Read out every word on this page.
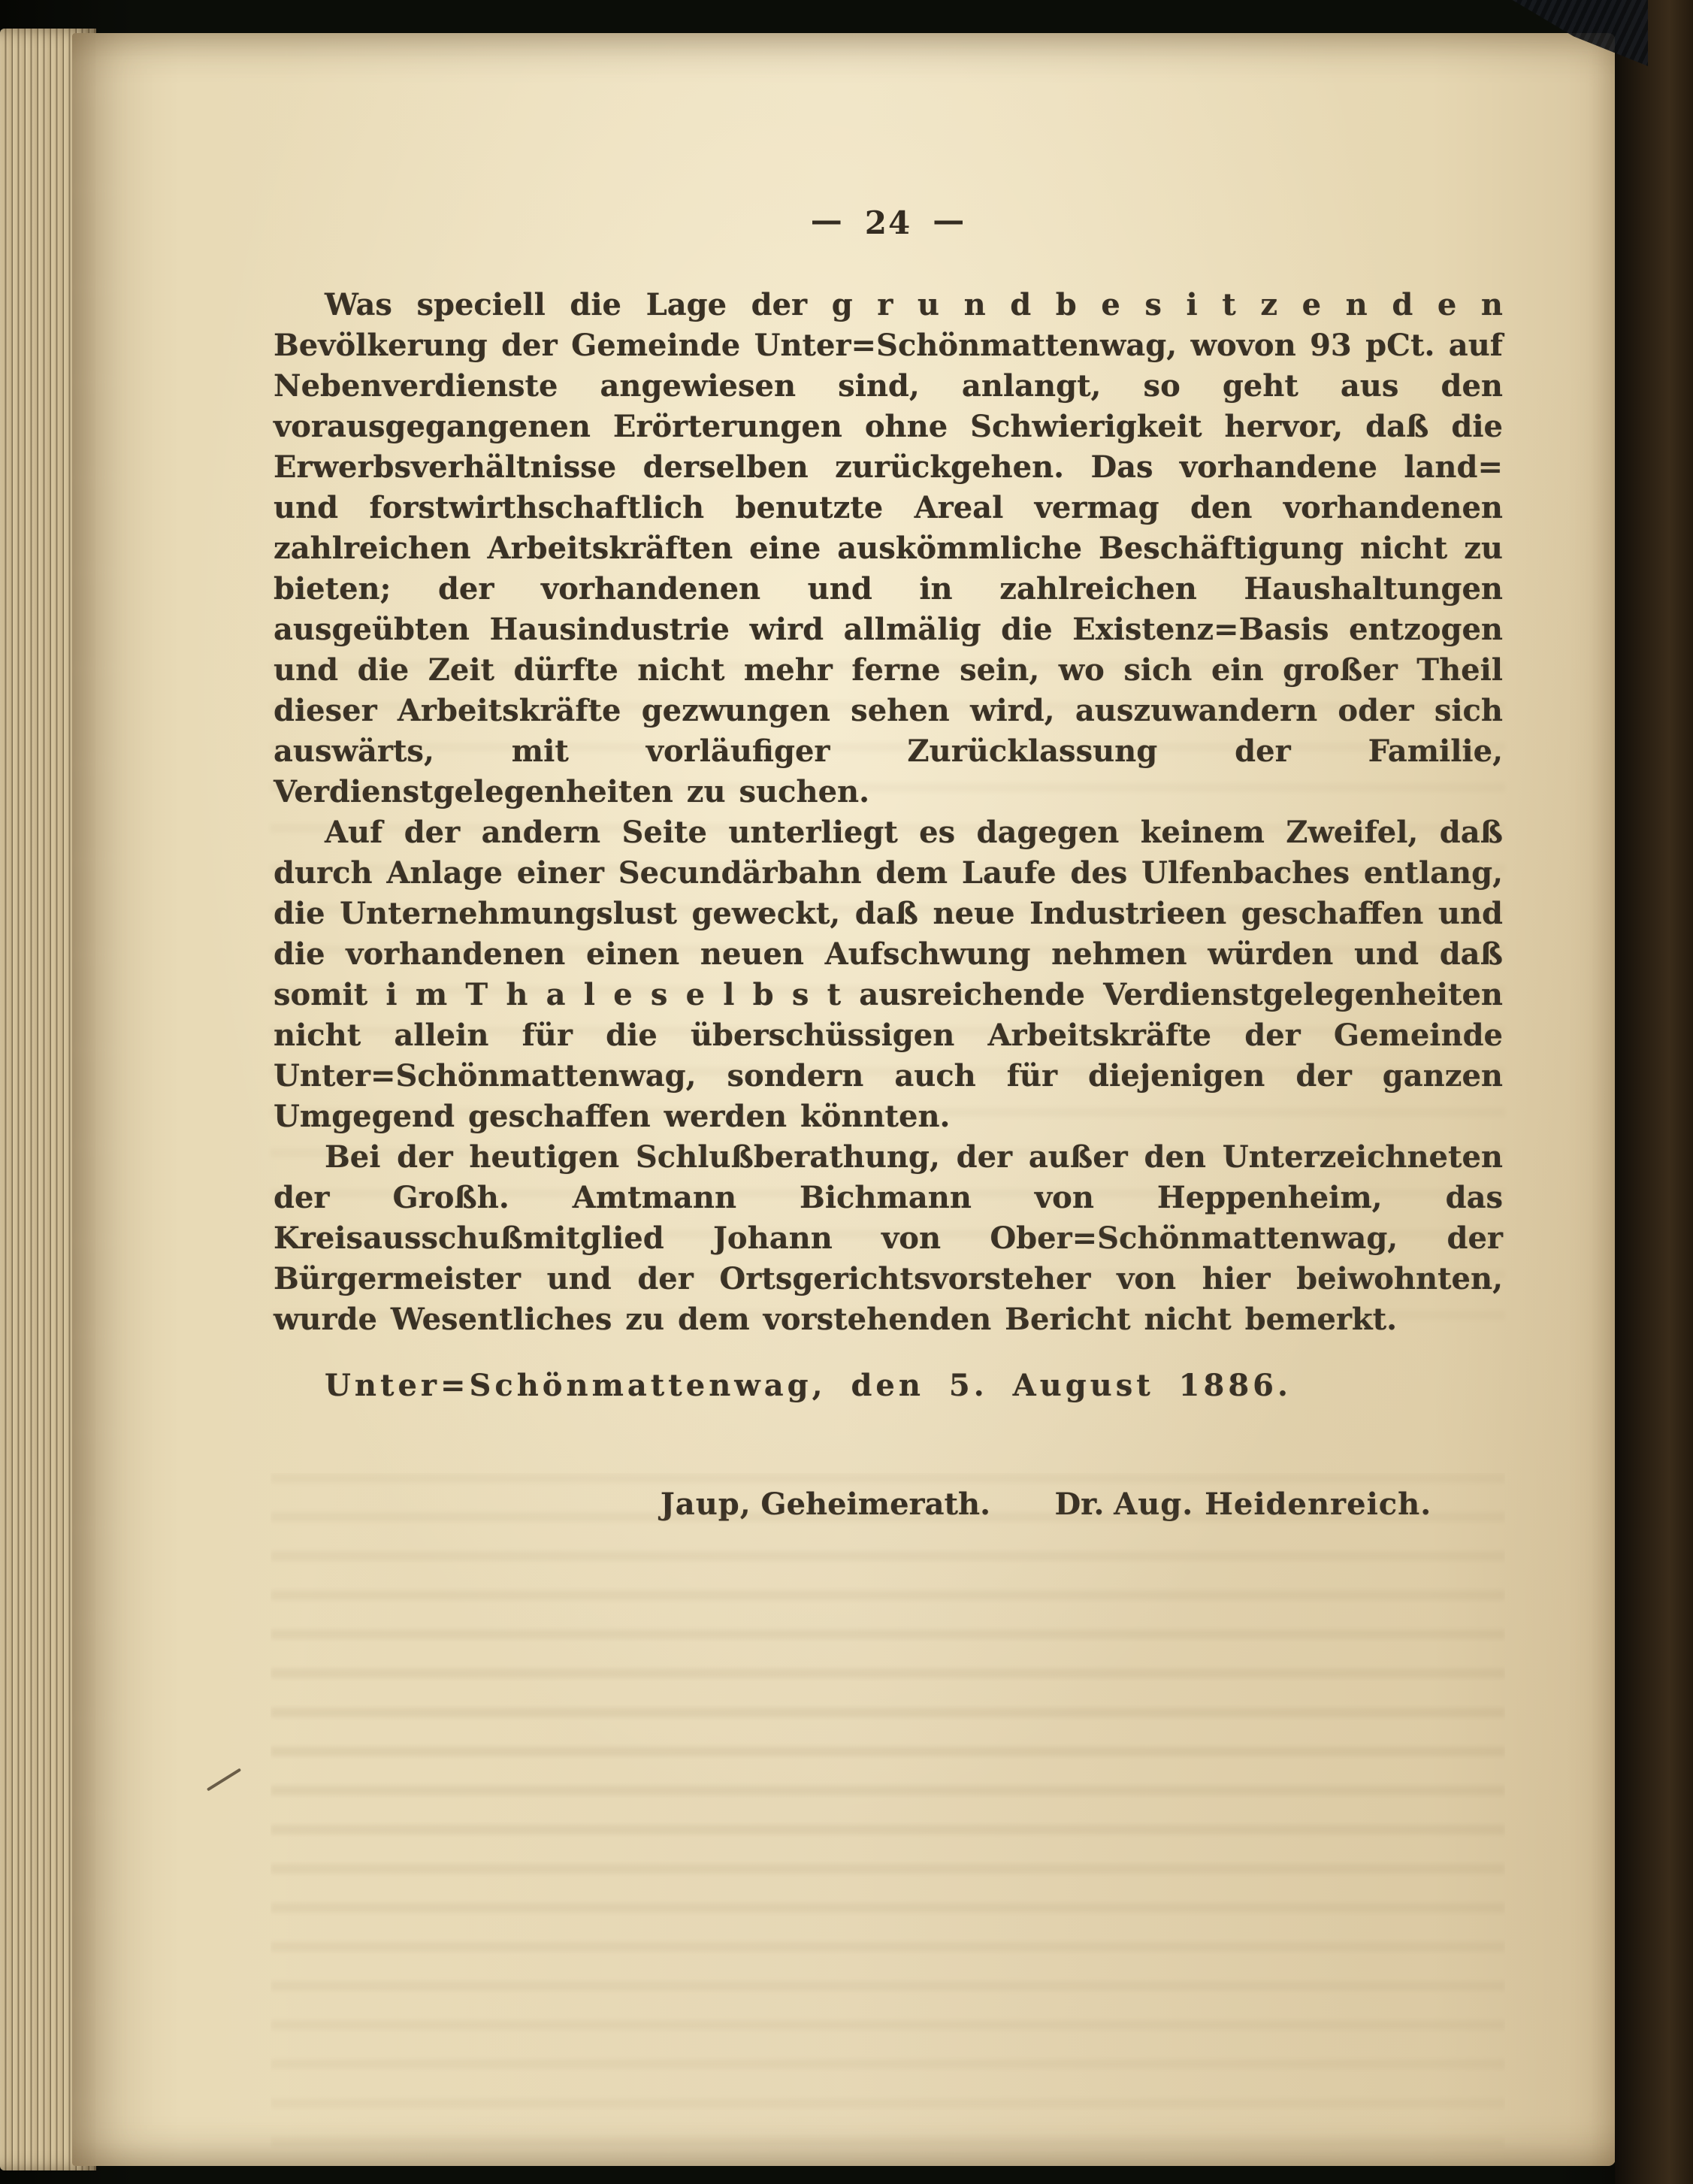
— 24 —

Was speciell die Lage der g r u n d b e s i t z e n d e n Bevölkerung der Gemeinde Unter=Schönmattenwag, wovon 93 pCt. auf Nebenverdienste angewiesen sind, anlangt, so geht aus den vorausgegangenen Erörterungen ohne Schwierigkeit hervor, daß die Erwerbsverhältnisse derselben zurückgehen. Das vorhandene land= und forstwirthschaftlich benutzte Areal vermag den vorhandenen zahlreichen Arbeitskräften eine auskömmliche Beschäftigung nicht zu bieten; der vorhandenen und in zahlreichen Haushaltungen ausgeübten Hausindustrie wird allmälig die Existenz=Basis entzogen und die Zeit dürfte nicht mehr ferne sein, wo sich ein großer Theil dieser Arbeitskräfte gezwungen sehen wird, auszuwandern oder sich auswärts, mit vorläufiger Zurücklassung der Familie, Verdienstgelegenheiten zu suchen.

Auf der andern Seite unterliegt es dagegen keinem Zweifel, daß durch Anlage einer Secundärbahn dem Laufe des Ulfenbaches entlang, die Unternehmungslust geweckt, daß neue Industrieen geschaffen und die vorhandenen einen neuen Aufschwung nehmen würden und daß somit i m T h a l e s e l b s t ausreichende Verdienstgelegenheiten nicht allein für die überschüssigen Arbeitskräfte der Gemeinde Unter=Schönmattenwag, sondern auch für diejenigen der ganzen Umgegend geschaffen werden könnten.

Bei der heutigen Schlußberathung, der außer den Unterzeichneten der Großh. Amtmann Bichmann von Heppenheim, das Kreisausschußmitglied Johann von Ober=Schönmattenwag, der Bürgermeister und der Ortsgerichtsvorsteher von hier beiwohnten, wurde Wesentliches zu dem vorstehenden Bericht nicht bemerkt.

Unter=Schönmattenwag, den 5. August 1886.

Jaup, Geheimerath. Dr. Aug. Heidenreich.
